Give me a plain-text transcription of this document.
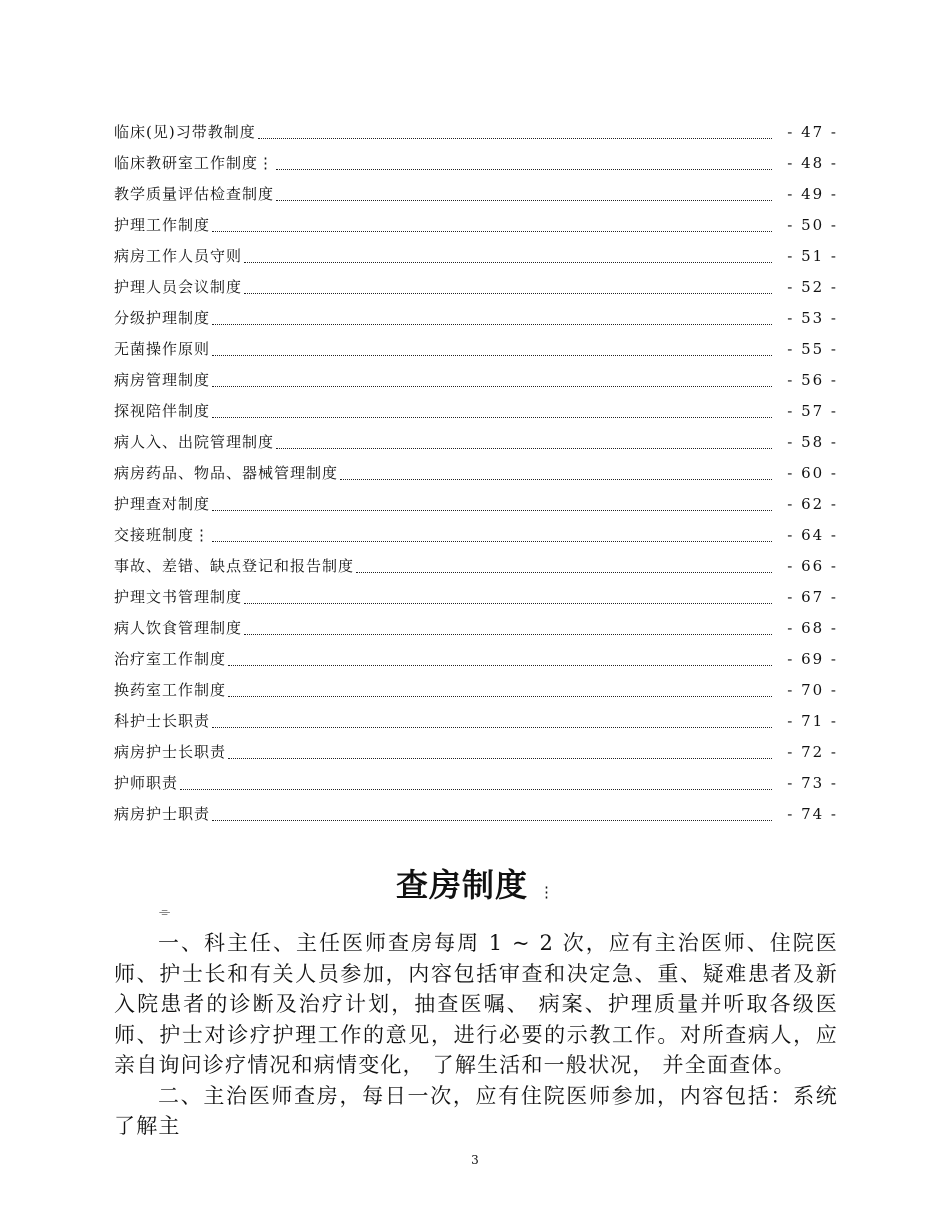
临床(见)习带教制度	- 47 -
临床教研室工作制度⋮	- 48 -
教学质量评估检查制度	- 49 -
护理工作制度	- 50 -
病房工作人员守则	- 51 -
护理人员会议制度	- 52 -
分级护理制度	- 53 -
无菌操作原则	- 55 -
病房管理制度	- 56 -
探视陪伴制度	- 57 -
病人入、出院管理制度	- 58 -
病房药品、物品、器械管理制度	- 60 -
护理查对制度	- 62 -
交接班制度⋮	- 64 -
事故、差错、缺点登记和报告制度	- 66 -
护理文书管理制度	- 67 -
病人饮食管理制度	- 68 -
治疗室工作制度	- 69 -
换药室工作制度	- 70 -
科护士长职责	- 71 -
病房护士长职责	- 72 -
护师职责	- 73 -
病房护士职责	- 74 -
查房制度 ⋮
⌯

一、科主任、主任医师查房每周 1 ~ 2 次，应有主治医师、住院医师、护士长和有关人员参加，内容包括审查和决定急、重、疑难患者及新入院患者的诊断及治疗计划，抽查医嘱、 病案、护理质量并听取各级医师、护士对诊疗护理工作的意见，进行必要的示教工作。对所查病人，应亲自询问诊疗情况和病情变化， 了解生活和一般状况， 并全面查体。

二、主治医师查房，每日一次，应有住院医师参加，内容包括：系统了解主

3
